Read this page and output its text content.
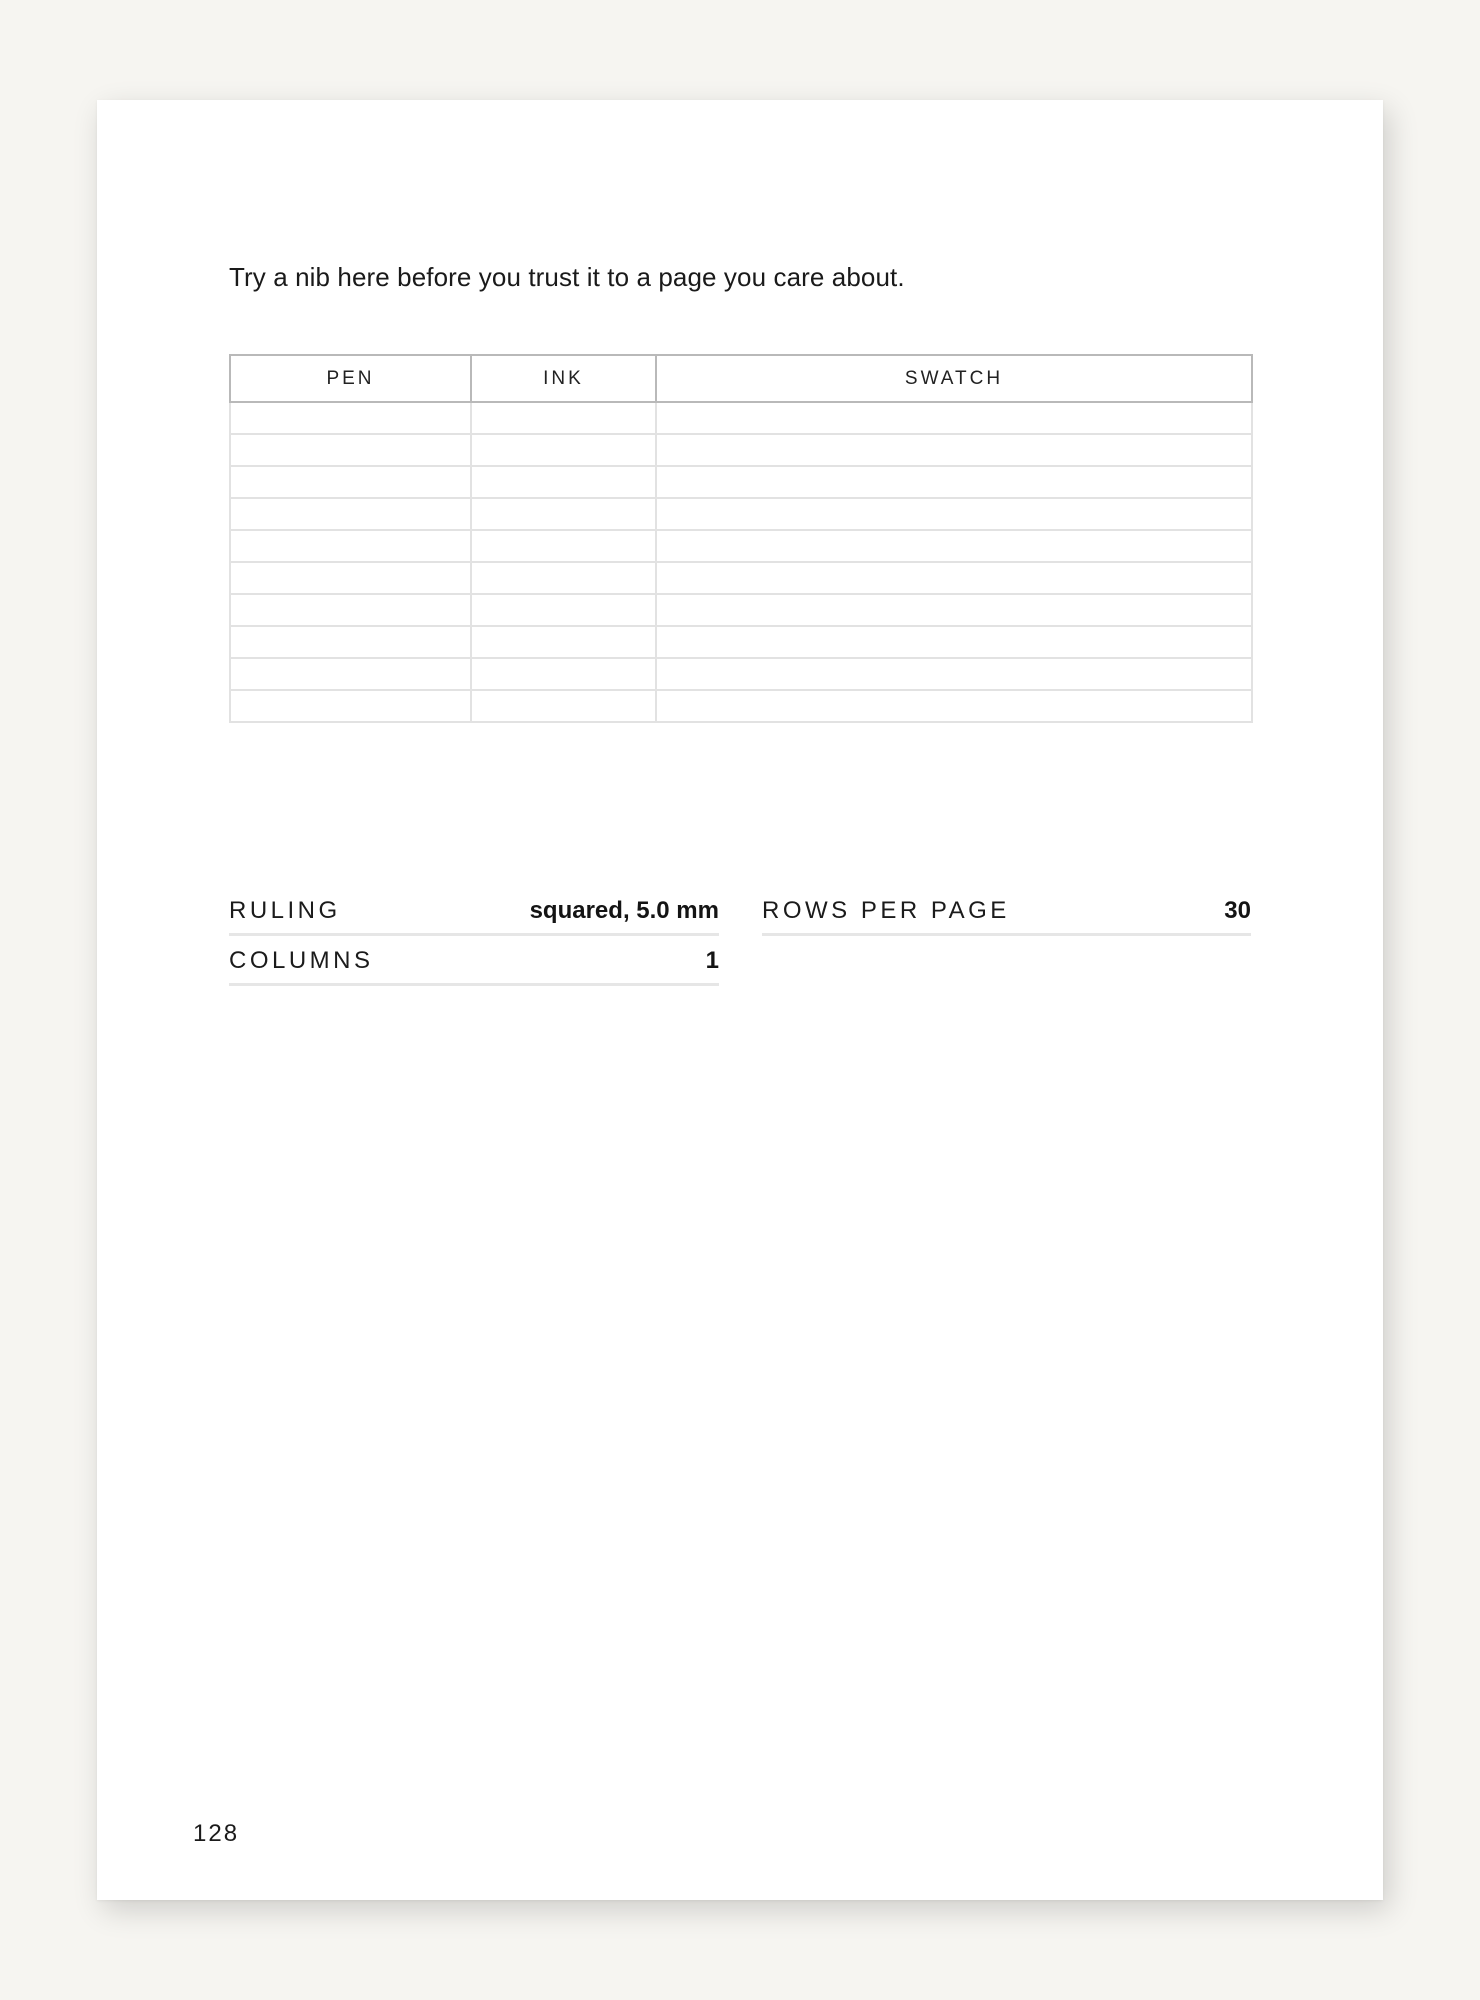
Try a nib here before you trust it to a page you care about.

PEN	INK	SWATCH

RULING	squared, 5.0 mm
COLUMNS	1
ROWS PER PAGE	30
128
